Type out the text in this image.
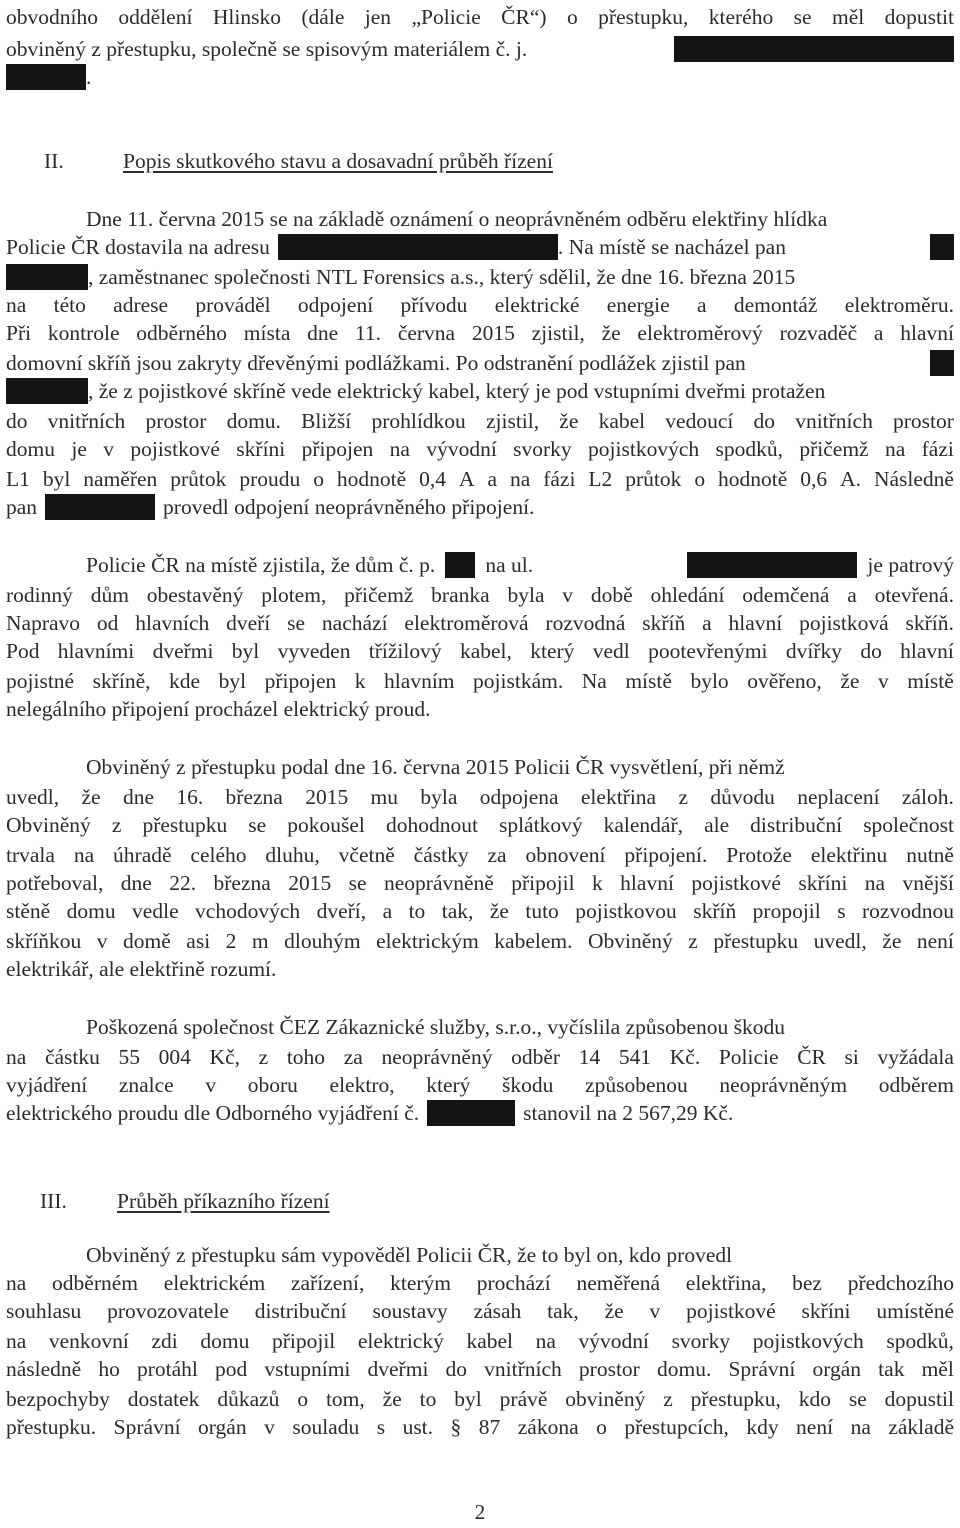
obvodního oddělení Hlinsko (dále jen „Policie ČR“) o přestupku, kterého se měl dopustit
obviněný z přestupku, společně se spisovým materiálem č. j.
.
II.	Popis skutkového stavu a dosavadní průběh řízení
Dne 11. června 2015 se na základě oznámení o neoprávněném odběru elektřiny hlídka
Policie ČR dostavila na adresu	. Na místě se nacházel pan
, zaměstnanec společnosti NTL Forensics a.s., který sdělil, že dne 16. března 2015
na této adrese prováděl odpojení přívodu elektrické energie a demontáž elektroměru.
Při kontrole odběrného místa dne 11. června 2015 zjistil, že elektroměrový rozvaděč a hlavní
domovní skříň jsou zakryty dřevěnými podlážkami. Po odstranění podlážek zjistil pan
, že z pojistkové skříně vede elektrický kabel, který je pod vstupními dveřmi protažen
do vnitřních prostor domu. Bližší prohlídkou zjistil, že kabel vedoucí do vnitřních prostor
domu je v pojistkové skříni připojen na vývodní svorky pojistkových spodků, přičemž na fázi
L1 byl naměřen průtok proudu o hodnotě 0,4 A a na fázi L2 průtok o hodnotě 0,6 A. Následně
pan	provedl odpojení neoprávněného připojení.
Policie ČR na místě zjistila, že dům č. p. na ul.	je patrový
rodinný dům obestavěný plotem, přičemž branka byla v době ohledání odemčená a otevřená.
Napravo od hlavních dveří se nachází elektroměrová rozvodná skříň a hlavní pojistková skříň.
Pod hlavními dveřmi byl vyveden třížilový kabel, který vedl pootevřenými dvířky do hlavní
pojistné skříně, kde byl připojen k hlavním pojistkám. Na místě bylo ověřeno, že v místě
nelegálního připojení procházel elektrický proud.
Obviněný z přestupku podal dne 16. června 2015 Policii ČR vysvětlení, při němž
uvedl, že dne 16. března 2015 mu byla odpojena elektřina z důvodu neplacení záloh.
Obviněný z přestupku se pokoušel dohodnout splátkový kalendář, ale distribuční společnost
trvala na úhradě celého dluhu, včetně částky za obnovení připojení. Protože elektřinu nutně
potřeboval, dne 22. března 2015 se neoprávněně připojil k hlavní pojistkové skříni na vnější
stěně domu vedle vchodových dveří, a to tak, že tuto pojistkovou skříň propojil s rozvodnou
skříňkou v domě asi 2 m dlouhým elektrickým kabelem. Obviněný z přestupku uvedl, že není
elektrikář, ale elektřině rozumí.
Poškozená společnost ČEZ Zákaznické služby, s.r.o., vyčíslila způsobenou škodu
na částku 55 004 Kč, z toho za neoprávněný odběr 14 541 Kč. Policie ČR si vyžádala
vyjádření znalce v oboru elektro, který škodu způsobenou neoprávněným odběrem
elektrického proudu dle Odborného vyjádření č.	stanovil na 2 567,29 Kč.
III. Průběh příkazního řízení
Obviněný z přestupku sám vypověděl Policii ČR, že to byl on, kdo provedl
na odběrném elektrickém zařízení, kterým prochází neměřená elektřina, bez předchozího
souhlasu provozovatele distribuční soustavy zásah tak, že v pojistkové skříni umístěné
na venkovní zdi domu připojil elektrický kabel na vývodní svorky pojistkových spodků,
následně ho protáhl pod vstupními dveřmi do vnitřních prostor domu. Správní orgán tak měl
bezpochyby dostatek důkazů o tom, že to byl právě obviněný z přestupku, kdo se dopustil
přestupku. Správní orgán v souladu s ust. § 87 zákona o přestupcích, kdy není na základě
2
